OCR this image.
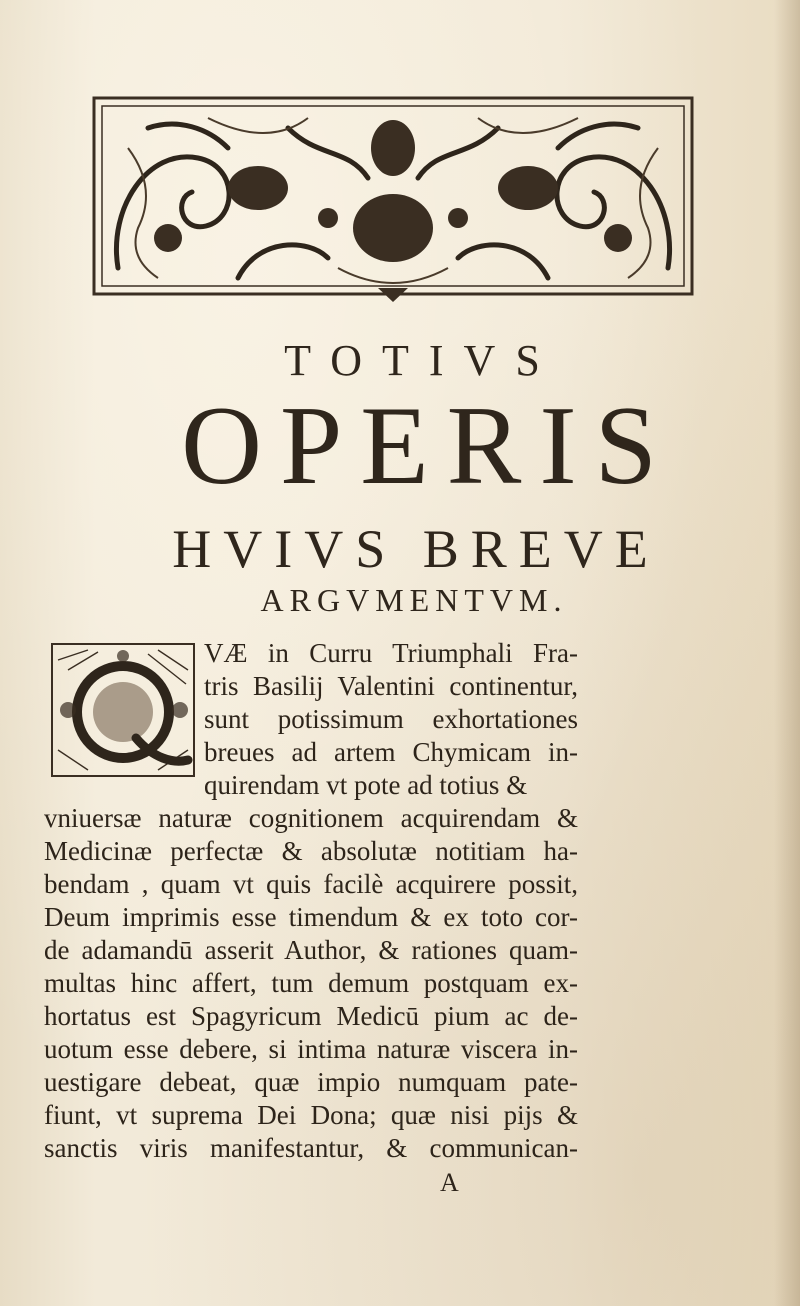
TOTIVS
OPERIS
HVIVS BREVE
ARGVMENTVM.
VÆ in Curru Triumphali Fra-
tris Basilij Valentini continentur,
sunt potissimum exhortationes
breues ad artem Chymicam in-
quirendam vt pote ad totius &
vniuersæ naturæ cognitionem acquirendam &
Medicinæ perfectæ & absolutæ notitiam ha-
bendam , quam vt quis facilè acquirere possit,
Deum imprimis esse timendum & ex toto cor-
de adamandū asserit Author, & rationes quam-
multas hinc affert, tum demum postquam ex-
hortatus est Spagyricum Medicū pium ac de-
uotum esse debere, si intima naturæ viscera in-
uestigare debeat, quæ impio numquam pate-
fiunt, vt suprema Dei Dona; quæ nisi pijs &
sanctis viris manifestantur, & communican-
A
